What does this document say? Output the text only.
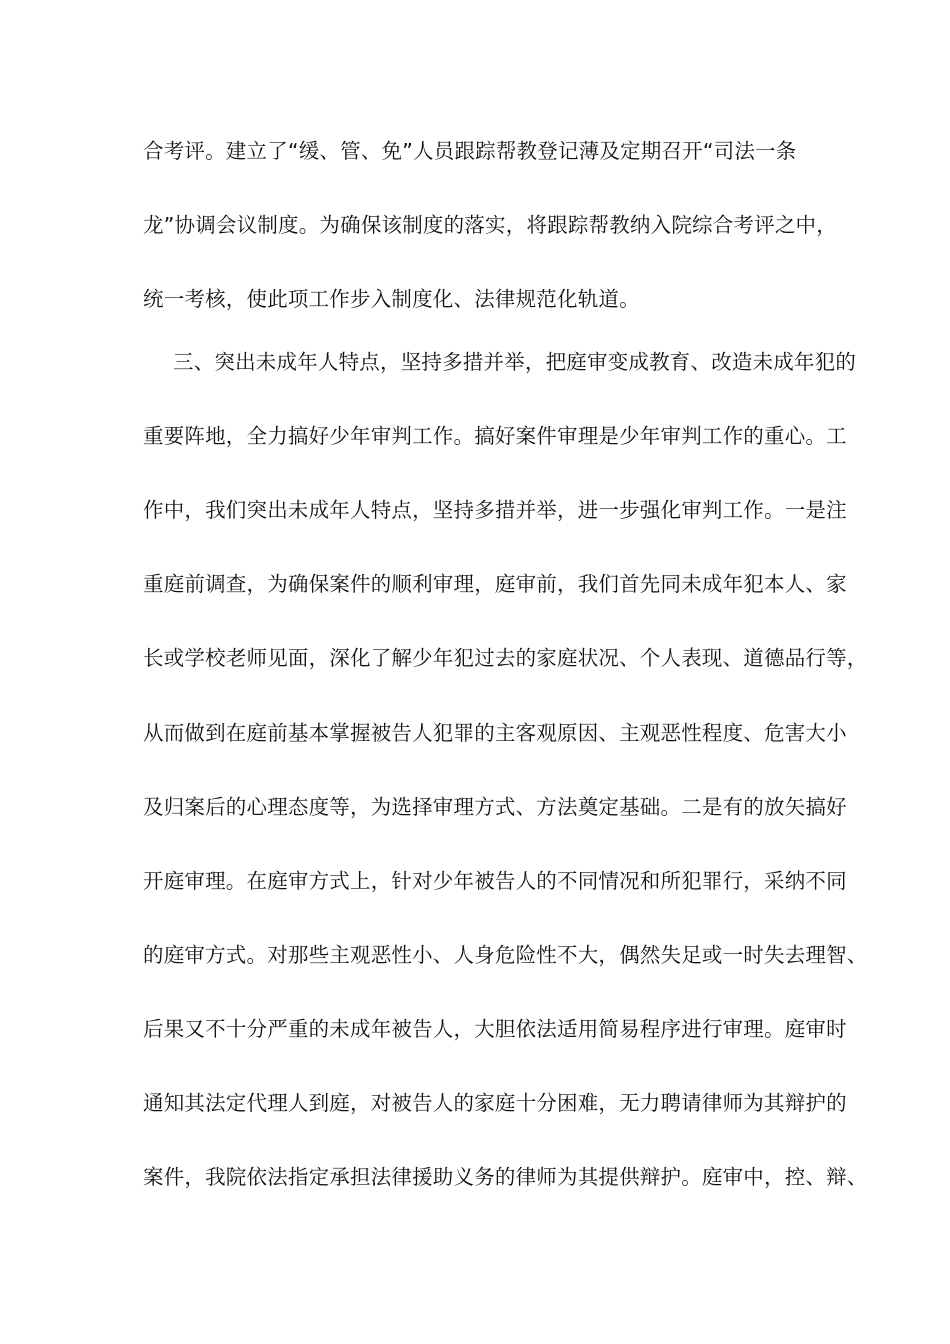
合考评。建立了“缓、管、免”人员跟踪帮教登记薄及定期召开“司法一条
龙”协调会议制度。为确保该制度的落实，将跟踪帮教纳入院综合考评之中，
统一考核，使此项工作步入制度化、法律规范化轨道。
三、突出未成年人特点，坚持多措并举，把庭审变成教育、改造未成年犯的
重要阵地，全力搞好少年审判工作。搞好案件审理是少年审判工作的重心。工
作中，我们突出未成年人特点，坚持多措并举，进一步强化审判工作。一是注
重庭前调查，为确保案件的顺利审理，庭审前，我们首先同未成年犯本人、家
长或学校老师见面，深化了解少年犯过去的家庭状况、个人表现、道德品行等，
从而做到在庭前基本掌握被告人犯罪的主客观原因、主观恶性程度、危害大小
及归案后的心理态度等，为选择审理方式、方法奠定基础。二是有的放矢搞好
开庭审理。在庭审方式上，针对少年被告人的不同情况和所犯罪行，采纳不同
的庭审方式。对那些主观恶性小、人身危险性不大，偶然失足或一时失去理智、
后果又不十分严重的未成年被告人，大胆依法适用简易程序进行审理。庭审时
通知其法定代理人到庭，对被告人的家庭十分困难，无力聘请律师为其辩护的
案件，我院依法指定承担法律援助义务的律师为其提供辩护。庭审中，控、辩、
